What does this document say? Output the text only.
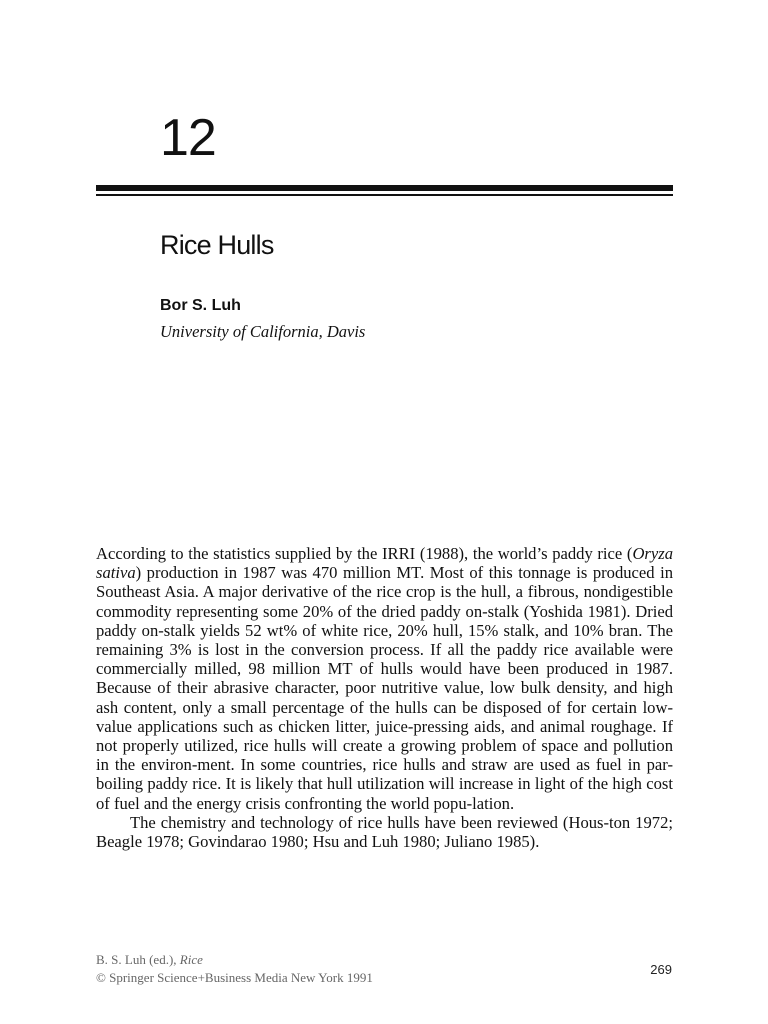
12
Rice Hulls
Bor S. Luh
University of California, Davis

According to the statistics supplied by the IRRI (1988), the world’s paddy rice (Oryza sativa) production in 1987 was 470 million MT. Most of this tonnage is produced in Southeast Asia. A major derivative of the rice crop is the hull, a fibrous, nondigestible commodity representing some 20% of the dried paddy on-stalk (Yoshida 1981). Dried paddy on-stalk yields 52 wt% of white rice, 20% hull, 15% stalk, and 10% bran. The remaining 3% is lost in the conversion process. If all the paddy rice available were commercially milled, 98 million MT of hulls would have been produced in 1987. Because of their abrasive character, poor nutritive value, low bulk density, and high ash content, only a small percentage of the hulls can be disposed of for certain low-value applications such as chicken litter, juice-pressing aids, and animal roughage. If not properly utilized, rice hulls will create a growing problem of space and pollution in the environ-ment. In some countries, rice hulls and straw are used as fuel in par-boiling paddy rice. It is likely that hull utilization will increase in light of the high cost of fuel and the energy crisis confronting the world popu-lation.

The chemistry and technology of rice hulls have been reviewed (Hous-ton 1972; Beagle 1978; Govindarao 1980; Hsu and Luh 1980; Juliano 1985).

B. S. Luh (ed.), Rice
© Springer Science+Business Media New York 1991
269
